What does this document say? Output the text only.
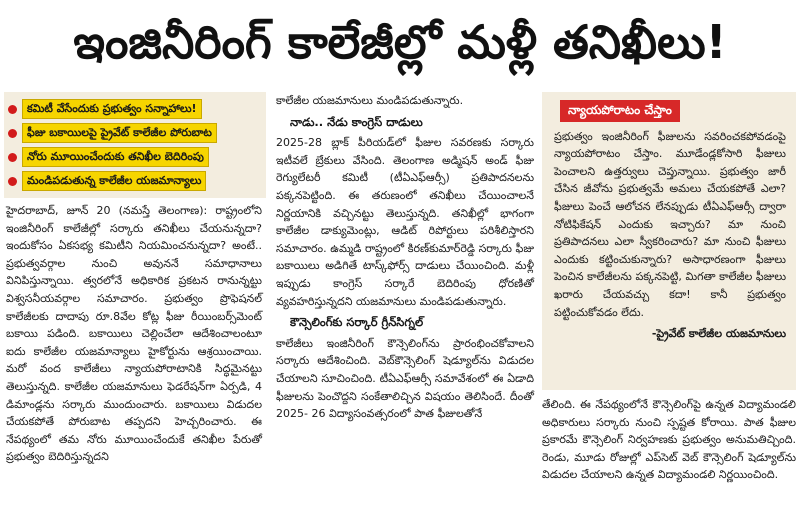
ఇంజినీరింగ్ కాలేజీల్లో మళ్లీ తనిఖీలు!
కమిటీ వేసేందుకు ప్రభుత్వం సన్నాహాలు!
ఫీజు బకాయిలపై ప్రైవేట్ కాలేజీల పోరుబాట
నోరు మూయించేందుకు తనిఖీల బెదిరింపు
మండిపడుతున్న కాలేజీల యజమాన్యాలు

హైదరాబాద్, జూన్ 20 (నమస్తే తెలంగాణ): రాష్ట్రంలోని ఇంజినీరింగ్ కాలేజీల్లో సర్కారు తనిఖీలు చేయనున్నదా? ఇందుకోసం ఏకసభ్య కమిటీని నియమించనున్నదా? అంటే.. ప్రభుత్వవర్గాల నుంచి అవుననే సమాధానాలు వినిపిస్తున్నాయి. త్వరలోనే అధికారిక ప్రకటన రానున్నట్టు విశ్వసనీయవర్గాల సమాచారం. ప్రభుత్వం ప్రొఫెషనల్ కాలేజీలకు దాదాపు రూ.8వేల కోట్ల ఫీజు రీయింబర్స్‌మెంట్ బకాయి పడింది. బకాయిలు చెల్లించేలా ఆదేశించాలంటూ ఐదు కాలేజీల యజమాన్యాలు హైకోర్టును ఆశ్రయించాయి. మరో వంద కాలేజీలు న్యాయపోరాటానికి సిద్ధమైనట్టు తెలుస్తున్నది. కాలేజీల యజమానులు ఫెడరేషన్‌గా ఏర్పడి, 4 డిమాండ్లను సర్కారు ముందుంచారు. బకాయిలు విడుదల చేయకపోతే పోరుబాట తప్పదని హెచ్చరించారు. ఈ నేపథ్యంలో తమ నోరు మూయించేందుకే తనిఖీల పేరుతో ప్రభుత్వం బెదిరిస్తున్నదని

కాలేజీల యజమానులు మండిపడుతున్నారు.

నాడు.. నేడు కాంగ్రెస్ దాడులు

2025-28 బ్లాక్ పీరియడ్‌లో ఫీజుల సవరణకు సర్కారు ఇటీవలే బ్రేకులు వేసింది. తెలంగాణ అడ్మిషన్ అండ్ ఫీజు రెగ్యులేటరీ కమిటీ (టీఏఎఫ్‌ఆర్సీ) ప్రతిపాదనలను పక్కనపెట్టింది. ఈ తరుణంలో తనిఖీలు చేయించాలనే నిర్ణయానికి వచ్చినట్టు తెలుస్తున్నది. తనిఖీల్లో భాగంగా కాలేజీల డాక్యుమెంట్లు, ఆడిట్ రిపోర్టులు పరిశీలిస్తారని సమాచారం. ఉమ్మడి రాష్ట్రంలో కిరణ్‌కుమార్‌రెడ్డి సర్కారు ఫీజు బకాయిలు అడిగితే టాస్క్‌ఫోర్స్ దాడులు చేయించింది. మళ్లీ ఇప్పుడు కాంగ్రెస్ సర్కారే బెదిరింపు ధోరణితో వ్యవహరిస్తున్నదని యజమానులు మండిపడుతున్నారు.

కౌన్సెలింగ్‌కు సర్కార్ గ్రీన్‌సిగ్నల్

కాలేజీలు ఇంజినీరింగ్ కౌన్సెలింగ్‌ను ప్రారంభించకోవాలని సర్కారు ఆదేశించింది. వెబ్‌కౌన్సెలింగ్ షెడ్యూల్‌ను విడుదల చేయాలని సూచించింది. టీఏఎఫ్‌ఆర్సీ సమావేశంలో ఈ ఏడాది ఫీజులను పెంచొద్దని సంకేతాలిచ్చిన విషయం తెలిసిందే. దీంతో 2025- 26 విద్యాసంవత్సరంలో పాత ఫీజులతోనే

న్యాయపోరాటం చేస్తాం

ప్రభుత్వం ఇంజినీరింగ్ ఫీజులను సవరించకపోవడంపై న్యాయపోరాటం చేస్తాం. మూడేండ్లకోసారి ఫీజులు పెంచాలని ఉత్తర్వులు చెప్తున్నాయి. ప్రభుత్వం జారీ చేసిన జీవోను ప్రభుత్వమే అమలు చేయకపోతే ఎలా? ఫీజులు పెంచే ఆలోచన లేనప్పుడు టీఏఎఫ్‌ఆర్సీ ద్వారా నోటిఫికేషన్ ఎందుకు ఇచ్చారు? మా నుంచి ప్రతిపాదనలు ఎలా స్వీకరించారు? మా నుంచి ఫీజులు ఎందుకు కట్టించుకున్నారు? అసాధారణంగా ఫీజులు పెంచిన కాలేజీలను పక్కనపెట్టి, మిగతా కాలేజీల ఫీజులు ఖరారు చేయవచ్చు కదా! కానీ ప్రభుత్వం పట్టించుకోవడం లేదు.

-ప్రైవేట్ కాలేజీల యజమానులు

తేలింది. ఈ నేపథ్యంలోనే కౌన్సెలింగ్‌పై ఉన్నత విద్యామండలి అధికారులు సర్కారు నుంచి స్పష్టత కోరాయి. పాత ఫీజుల ప్రకారమే కౌన్సెలింగ్ నిర్వహణకు ప్రభుత్వం అనుమతిచ్చింది. రెండు, మూడు రోజుల్లో ఎప్‌సెట్ వెబ్ కౌన్సెలింగ్ షెడ్యూల్‌ను విడుదల చేయాలని ఉన్నత విద్యామండలి నిర్ణయించింది.
